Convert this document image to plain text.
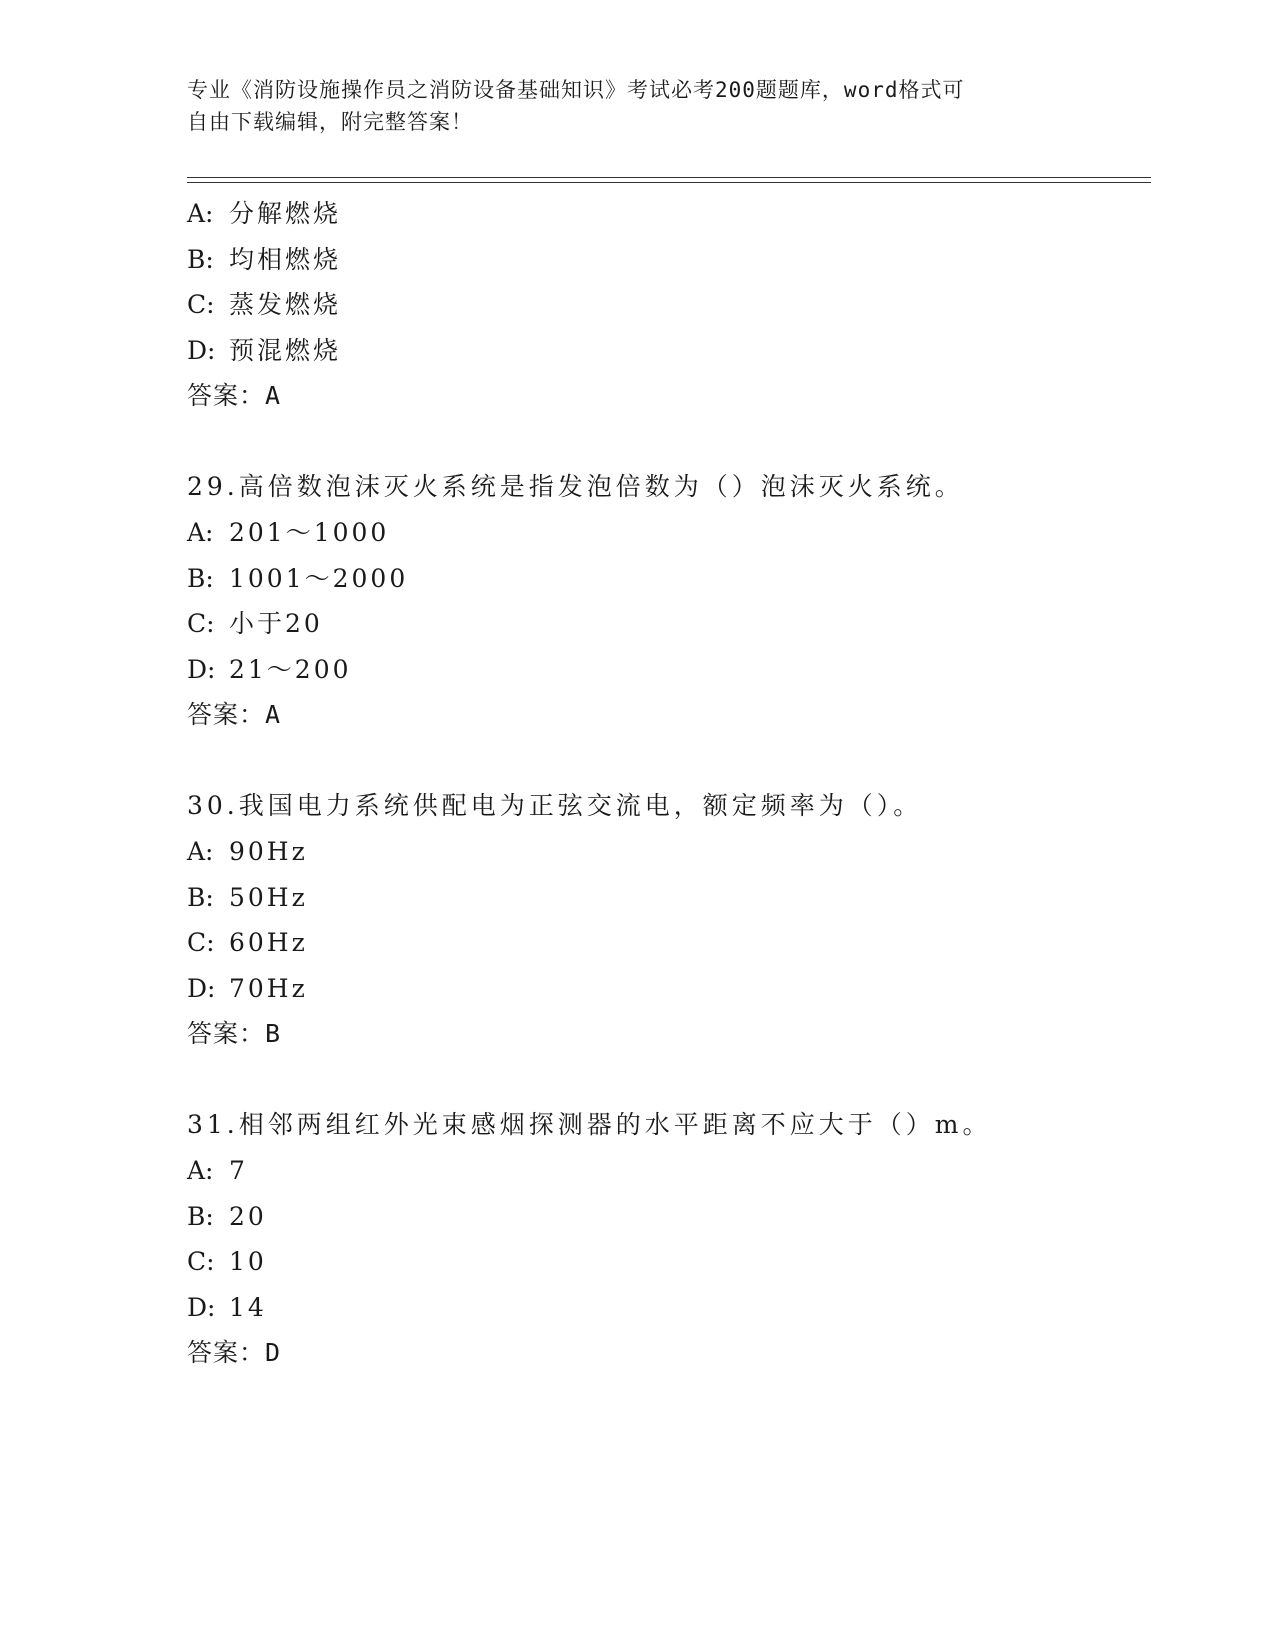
专业《消防设施操作员之消防设备基础知识》考试必考200题题库，word格式可
自由下载编辑，附完整答案！
A: 分解燃烧
B: 均相燃烧
C: 蒸发燃烧
D: 预混燃烧
答案：A
29.高倍数泡沫灭火系统是指发泡倍数为（）泡沫灭火系统。
A: 201～1000
B: 1001～2000
C: 小于20
D: 21～200
答案：A
30.我国电力系统供配电为正弦交流电，额定频率为（）。
A: 90Hz
B: 50Hz
C: 60Hz
D: 70Hz
答案：B
31.相邻两组红外光束感烟探测器的水平距离不应大于（）m。
A: 7
B: 20
C: 10
D: 14
答案：D
